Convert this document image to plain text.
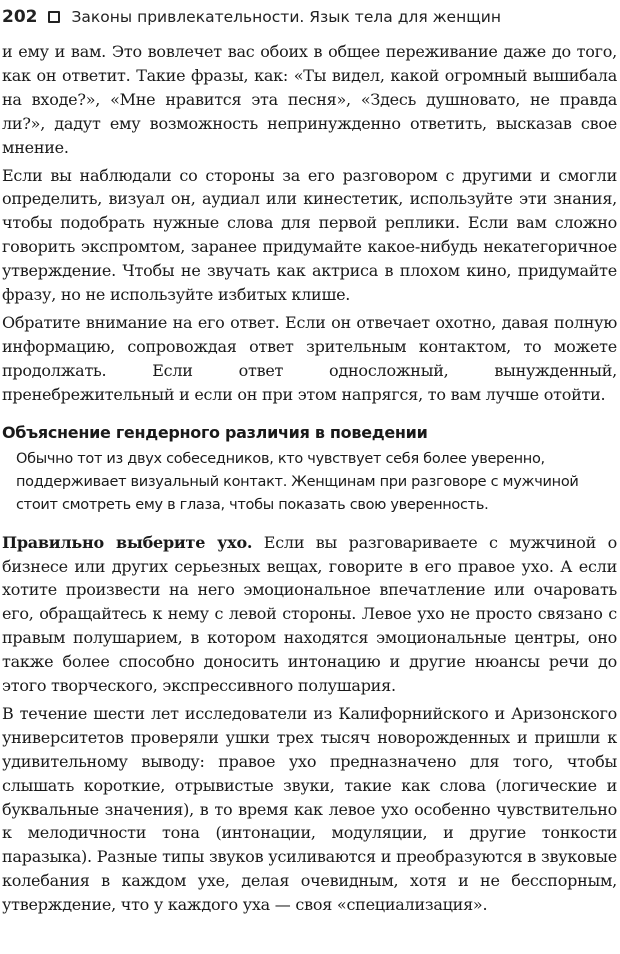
202 Законы привлекательности. Язык тела для женщин

и ему и вам. Это вовлечет вас обоих в общее переживание даже до того, как он ответит. Такие фразы, как: «Ты видел, какой огромный вышибала на входе?», «Мне нравится эта песня», «Здесь душновато, не правда ли?», дадут ему возможность непринужденно ответить, высказав свое мнение.

Если вы наблюдали со стороны за его разговором с другими и смогли определить, визуал он, аудиал или кинестетик, используйте эти знания, чтобы подобрать нужные слова для первой реплики. Если вам сложно говорить экспромтом, заранее придумайте какое-нибудь некатегоричное утверждение. Чтобы не звучать как актриса в плохом кино, придумайте фразу, но не используйте избитых клише.

Обратите внимание на его ответ. Если он отвечает охотно, давая полную информацию, сопровождая ответ зрительным контактом, то можете продолжать. Если ответ односложный, вынужденный, пренебрежительный и если он при этом напрягся, то вам лучше отойти.

Объяснение гендерного различия в поведении
Обычно тот из двух собеседников, кто чувствует себя более уверенно, поддерживает визуальный контакт. Женщинам при разговоре с мужчиной стоит смотреть ему в глаза, чтобы показать свою уверенность.

Правильно выберите ухо. Если вы разговариваете с мужчиной о бизнесе или других серьезных вещах, говорите в его правое ухо. А если хотите произвести на него эмоциональное впечатление или очаровать его, обращайтесь к нему с левой стороны. Левое ухо не просто связано с правым полушарием, в котором находятся эмоциональные центры, оно также более способно доносить интонацию и другие нюансы речи до этого творческого, экспрессивного полушария.

В течение шести лет исследователи из Калифорнийского и Аризонского университетов проверяли ушки трех тысяч новорожденных и пришли к удивительному выводу: правое ухо предназначено для того, чтобы слышать короткие, отрывистые звуки, такие как слова (логические и буквальные значения), в то время как левое ухо особенно чувствительно к мелодичности тона (интонации, модуляции, и другие тонкости паразыка). Разные типы звуков усиливаются и преобразуются в звуковые колебания в каждом ухе, делая очевидным, хотя и не бесспорным, утверждение, что у каждого уха — своя «специализация».
